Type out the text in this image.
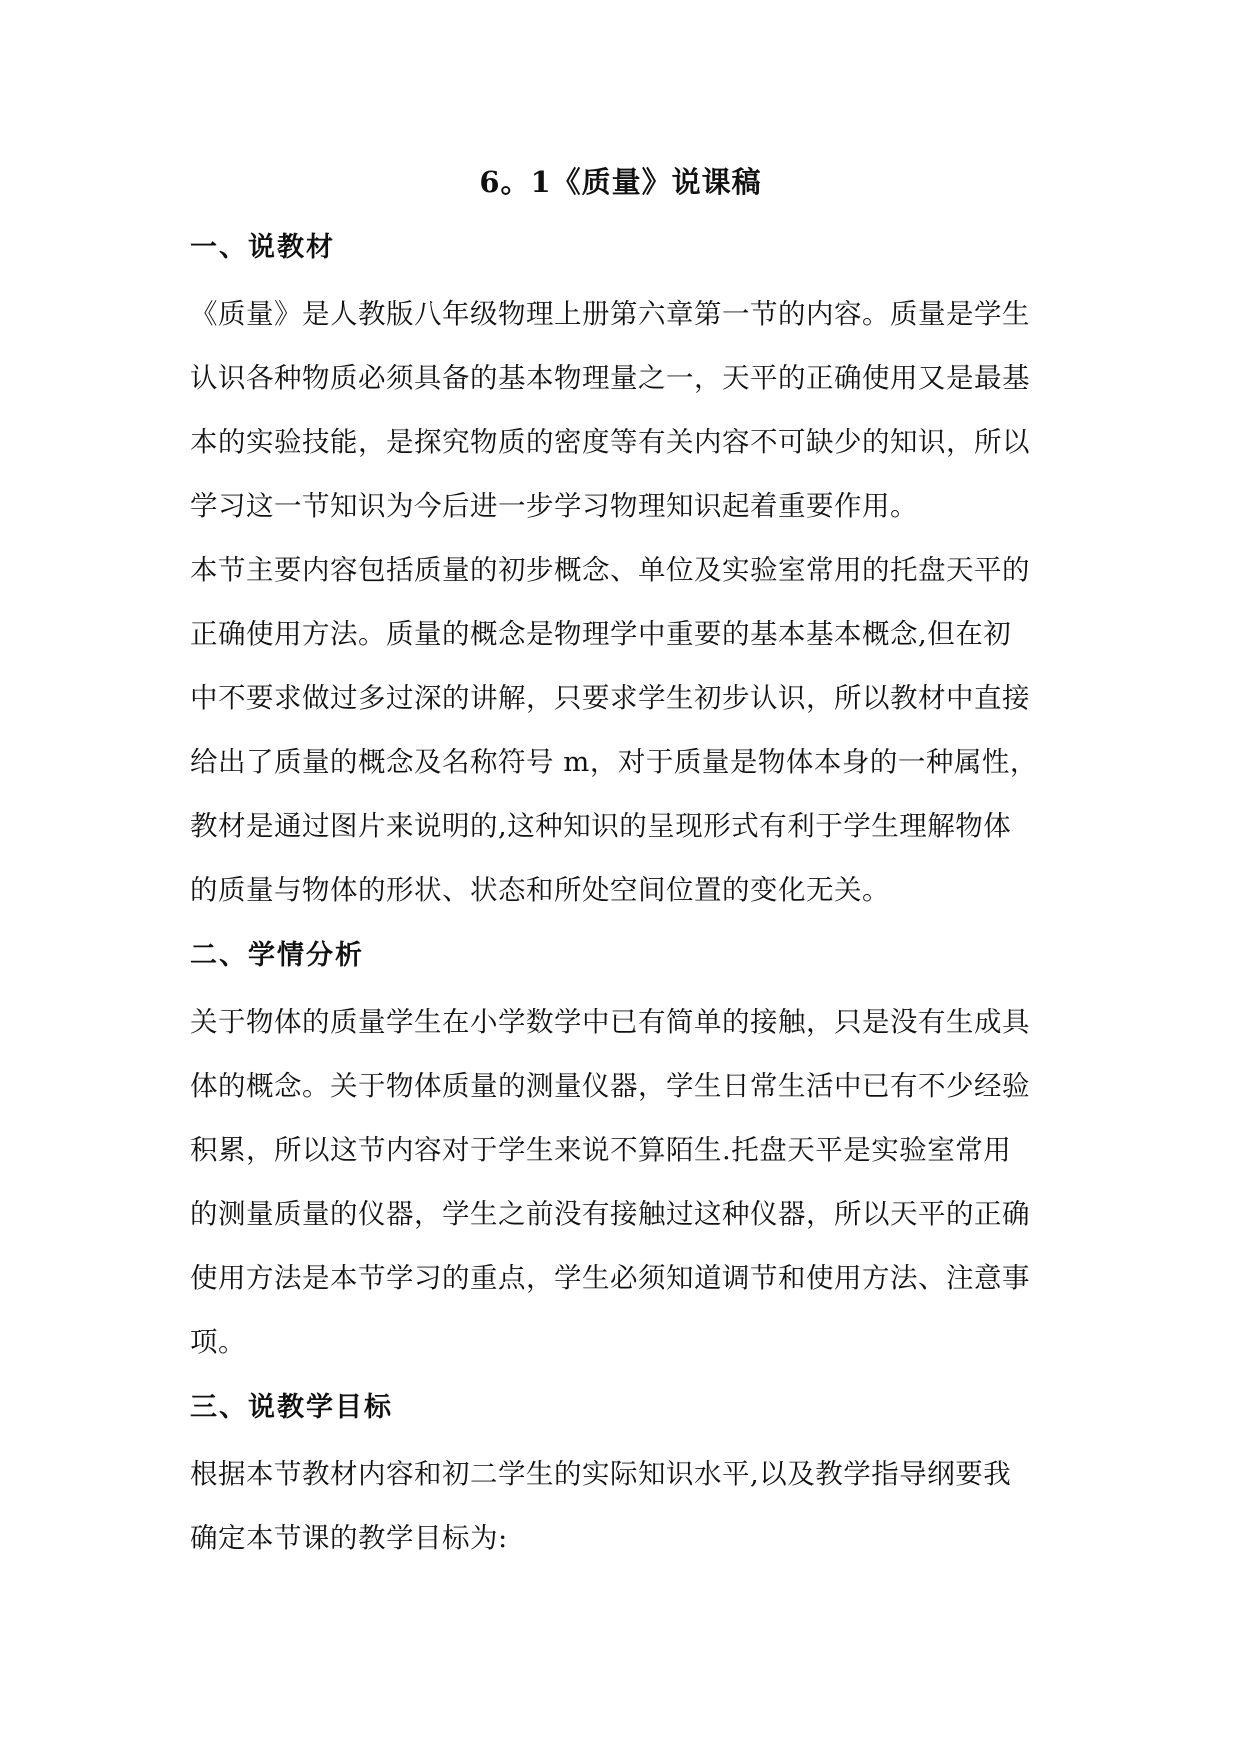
6。1《质量》说课稿
一、说教材
《质量》是人教版八年级物理上册第六章第一节的内容。质量是学生
认识各种物质必须具备的基本物理量之一，天平的正确使用又是最基
本的实验技能，是探究物质的密度等有关内容不可缺少的知识，所以
学习这一节知识为今后进一步学习物理知识起着重要作用。
本节主要内容包括质量的初步概念、单位及实验室常用的托盘天平的
正确使用方法。质量的概念是物理学中重要的基本基本概念,但在初
中不要求做过多过深的讲解，只要求学生初步认识，所以教材中直接
给出了质量的概念及名称符号 m，对于质量是物体本身的一种属性，
教材是通过图片来说明的,这种知识的呈现形式有利于学生理解物体
的质量与物体的形状、状态和所处空间位置的变化无关。
二、学情分析
关于物体的质量学生在小学数学中已有简单的接触，只是没有生成具
体的概念。关于物体质量的测量仪器，学生日常生活中已有不少经验
积累，所以这节内容对于学生来说不算陌生.托盘天平是实验室常用
的测量质量的仪器，学生之前没有接触过这种仪器，所以天平的正确
使用方法是本节学习的重点，学生必须知道调节和使用方法、注意事
项。
三、说教学目标
根据本节教材内容和初二学生的实际知识水平,以及教学指导纲要我
确定本节课的教学目标为:
